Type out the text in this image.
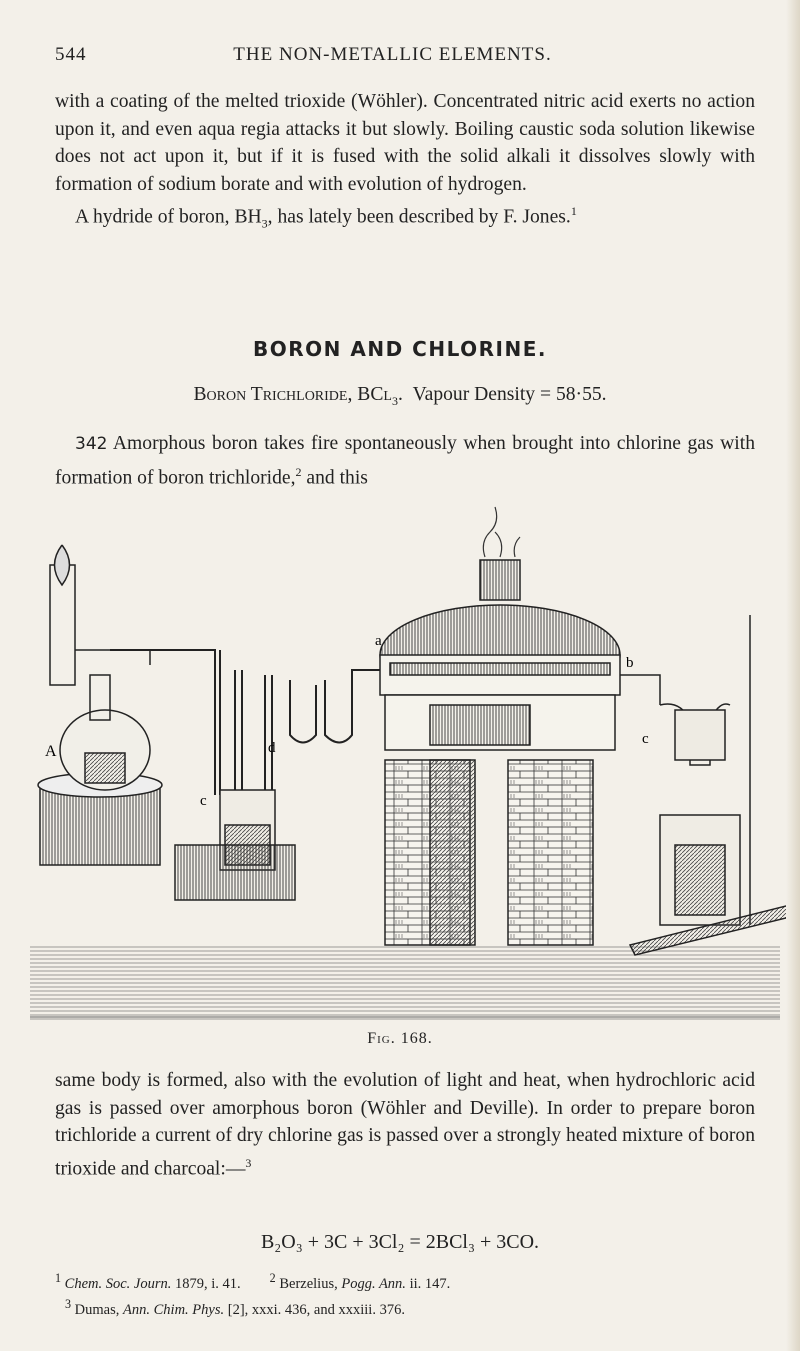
544	THE NON-METALLIC ELEMENTS.

with a coating of the melted trioxide (Wöhler). Concentrated nitric acid exerts no action upon it, and even aqua regia attacks it but slowly. Boiling caustic soda solution likewise does not act upon it, but if it is fused with the solid alkali it dissolves slowly with formation of sodium borate and with evolution of hydrogen.

A hydride of boron, $BH_3$, has lately been described by F. Jones.$^1$

BORON AND CHLORINE.
Boron Trichloride, BCl$_3$. Vapour Density = 58·55.

342 Amorphous boron takes fire spontaneously when brought into chlorine gas with formation of boron trichloride,$^2$ and this

A
c
d
a
b
c
Fig. 168.

same body is formed, also with the evolution of light and heat, when hydrochloric acid gas is passed over amorphous boron (Wöhler and Deville). In order to prepare boron trichloride a current of dry chlorine gas is passed over a strongly heated mixture of boron trioxide and charcoal:—$^3$

B₂O₃ + 3C + 3Cl₂ = 2BCl₃ + 3CO.
$^1$ Chem. Soc. Journ. 1879, i. 41. $^2$ Berzelius, Pogg. Ann. ii. 147.
$^3$ Dumas, Ann. Chim. Phys. [2], xxxi. 436, and xxxiii. 376.
